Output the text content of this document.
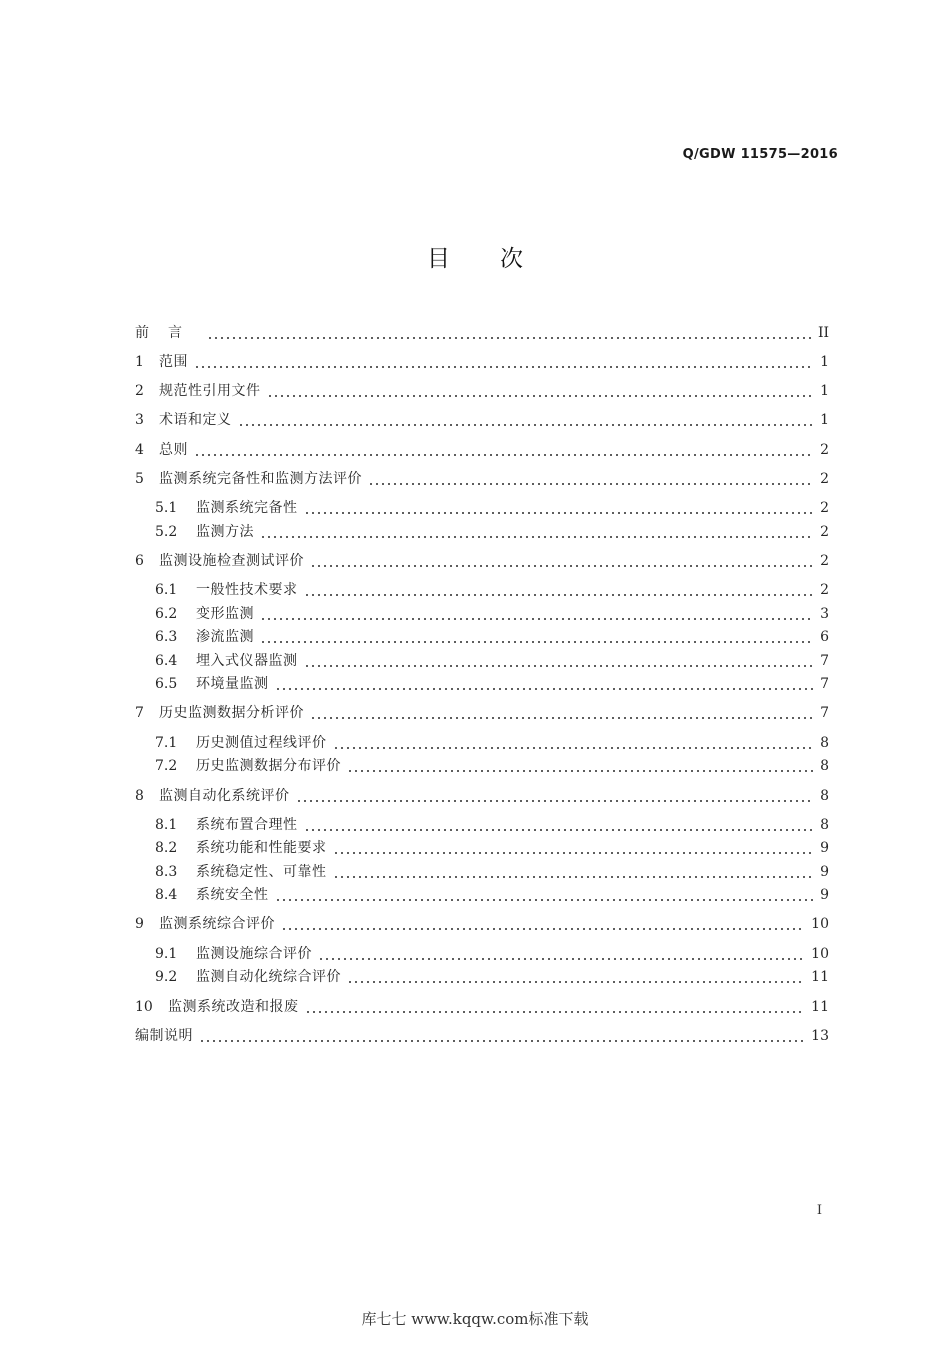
Q/GDW 11575—2016
目 次
前言	II
1	范围	1
2	规范性引用文件	1
3	术语和定义	1
4	总则	2
5	监测系统完备性和监测方法评价	2
5.1	监测系统完备性	2
5.2	监测方法	2
6	监测设施检查测试评价	2
6.1	一般性技术要求	2
6.2	变形监测	3
6.3	渗流监测	6
6.4	埋入式仪器监测	7
6.5	环境量监测	7
7	历史监测数据分析评价	7
7.1	历史测值过程线评价	8
7.2	历史监测数据分布评价	8
8	监测自动化系统评价	8
8.1	系统布置合理性	8
8.2	系统功能和性能要求	9
8.3	系统稳定性、可靠性	9
8.4	系统安全性	9
9	监测系统综合评价	10
9.1	监测设施综合评价	10
9.2	监测自动化统综合评价	11
10	监测系统改造和报废	11
编制说明	13
I
库七七 www.kqqw.com标准下载
